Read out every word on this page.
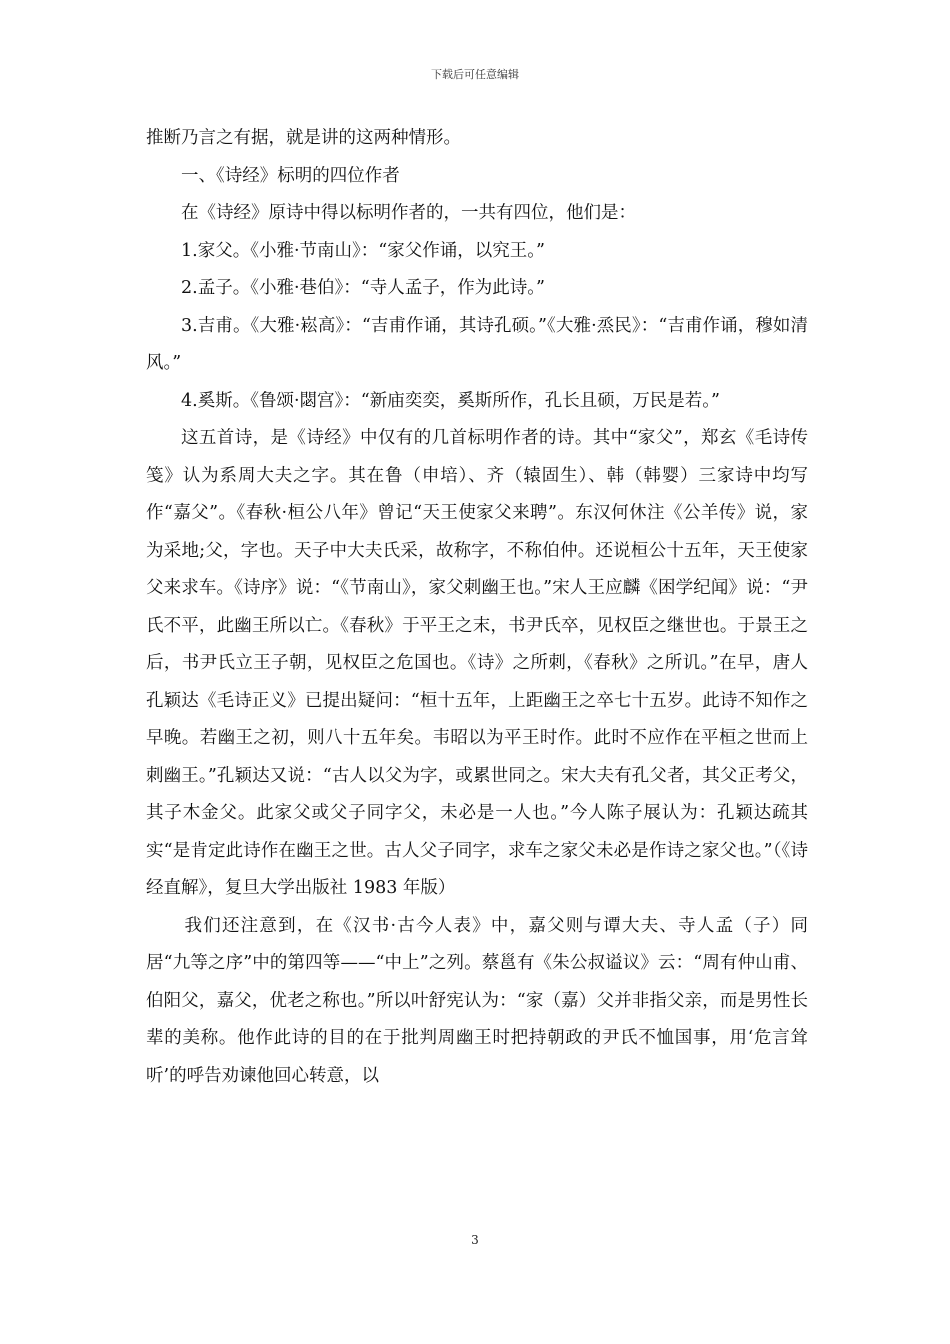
下载后可任意编辑

推断乃言之有据，就是讲的这两种情形。

一、《诗经》标明的四位作者

在《诗经》原诗中得以标明作者的，一共有四位，他们是：

1.家父。《小雅·节南山》：“家父作诵，以究王。”

2.孟子。《小雅·巷伯》：“寺人孟子，作为此诗。”

3.吉甫。《大雅·崧高》：“吉甫作诵，其诗孔硕。”《大雅·烝民》：“吉甫作诵，穆如清风。”

4.奚斯。《鲁颂·閟宫》：“新庙奕奕，奚斯所作，孔长且硕，万民是若。”

这五首诗，是《诗经》中仅有的几首标明作者的诗。其中“家父”，郑玄《毛诗传笺》认为系周大夫之字。其在鲁（申培）、齐（辕固生）、韩（韩婴）三家诗中均写作“嘉父”。《春秋·桓公八年》曾记“天王使家父来聘”。东汉何休注《公羊传》说，家为采地;父，字也。天子中大夫氏采，故称字，不称伯仲。还说桓公十五年，天王使家父来求车。《诗序》说：“《节南山》，家父刺幽王也。”宋人王应麟《困学纪闻》说：“尹氏不平，此幽王所以亡。《春秋》于平王之末，书尹氏卒，见权臣之继世也。于景王之后，书尹氏立王子朝，见权臣之危国也。《诗》之所刺，《春秋》之所讥。”在早，唐人孔颖达《毛诗正义》已提出疑问：“桓十五年，上距幽王之卒七十五岁。此诗不知作之早晚。若幽王之初，则八十五年矣。韦昭以为平王时作。此时不应作在平桓之世而上刺幽王。”孔颖达又说：“古人以父为字，或累世同之。宋大夫有孔父者，其父正考父，其子木金父。此家父或父子同字父，未必是一人也。”今人陈子展认为：孔颖达疏其实“是肯定此诗作在幽王之世。古人父子同字，求车之家父未必是作诗之家父也。”（《诗经直解》，复旦大学出版社 1983 年版）

我们还注意到，在《汉书·古今人表》中，嘉父则与谭大夫、寺人孟（子）同居“九等之序”中的第四等——“中上”之列。蔡邕有《朱公叔谥议》云：“周有仲山甫、伯阳父，嘉父，优老之称也。”所以叶舒宪认为：“家（嘉）父并非指父亲，而是男性长辈的美称。他作此诗的目的在于批判周幽王时把持朝政的尹氏不恤国事，用‘危言耸听’的呼告劝谏他回心转意，以

3
